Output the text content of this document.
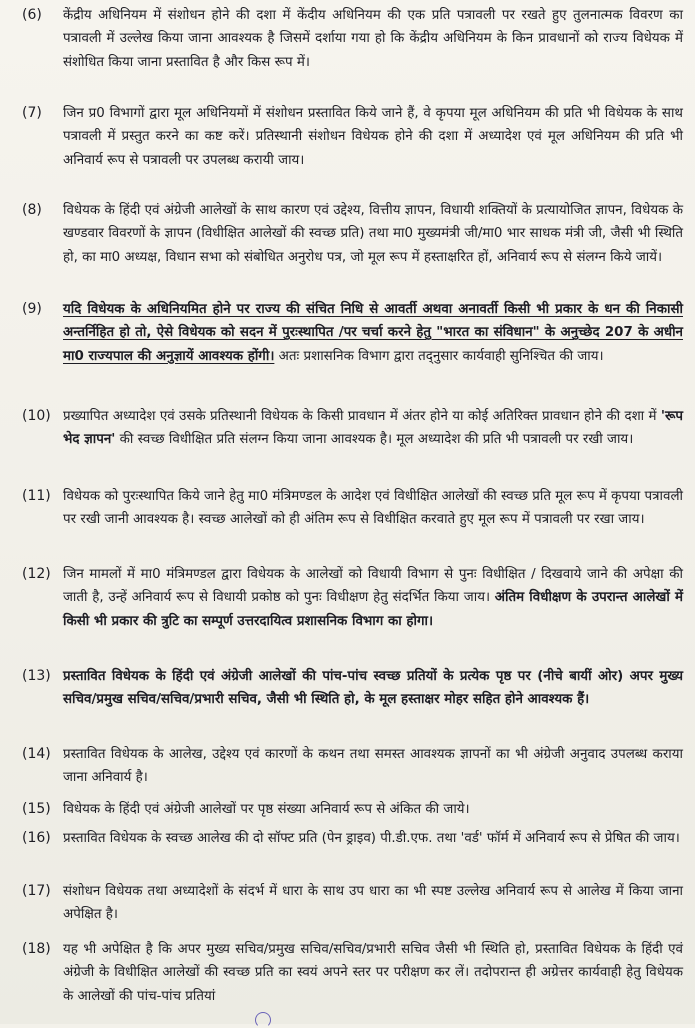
(6) केंद्रीय अधिनियम में संशोधन होने की दशा में केंदीय अधिनियम की एक प्रति पत्रावली पर रखते हुए तुलनात्मक विवरण का पत्रावली में उल्लेख किया जाना आवश्यक है जिसमें दर्शाया गया हो कि केंद्रीय अधिनियम के किन प्रावधानों को राज्य विधेयक में संशोधित किया जाना प्रस्तावित है और किस रूप में।
(7) जिन प्र0 विभागों द्वारा मूल अधिनियमों में संशोधन प्रस्तावित किये जाने हैं, वे कृपया मूल अधिनियम की प्रति भी विधेयक के साथ पत्रावली में प्रस्तुत करने का कष्ट करें। प्रतिस्थानी संशोधन विधेयक होने की दशा में अध्यादेश एवं मूल अधिनियम की प्रति भी अनिवार्य रूप से पत्रावली पर उपलब्ध करायी जाय।
(8) विधेयक के हिंदी एवं अंग्रेजी आलेखों के साथ कारण एवं उद्देश्य, वित्तीय ज्ञापन, विधायी शक्तियों के प्रत्यायोजित ज्ञापन, विधेयक के खण्डवार विवरणों के ज्ञापन (विधीक्षित आलेखों की स्वच्छ प्रति) तथा मा0 मुख्यमंत्री जी/मा0 भार साधक मंत्री जी, जैसी भी स्थिति हो, का मा0 अध्यक्ष, विधान सभा को संबोधित अनुरोध पत्र, जो मूल रूप में हस्ताक्षरित हों, अनिवार्य रूप से संलग्न किये जायें।
(9) यदि विधेयक के अधिनियमित होने पर राज्य की संचित निधि से आवर्ती अथवा अनावर्ती किसी भी प्रकार के धन की निकासी अन्तर्निहित हो तो, ऐसे विधेयक को सदन में पुरःस्थापित /पर चर्चा करने हेतु "भारत का संविधान" के अनुच्छेद 207 के अधीन मा0 राज्यपाल की अनुज्ञायें आवश्यक होंगी। अतः प्रशासनिक विभाग द्वारा तद्नुसार कार्यवाही सुनिश्चित की जाय।
(10) प्रख्यापित अध्यादेश एवं उसके प्रतिस्थानी विधेयक के किसी प्रावधान में अंतर होने या कोई अतिरिक्त प्रावधान होने की दशा में 'रूप भेद ज्ञापन' की स्वच्छ विधीक्षित प्रति संलग्न किया जाना आवश्यक है। मूल अध्यादेश की प्रति भी पत्रावली पर रखी जाय।
(11) विधेयक को पुरःस्थापित किये जाने हेतु मा0 मंत्रिमण्डल के आदेश एवं विधीक्षित आलेखों की स्वच्छ प्रति मूल रूप में कृपया पत्रावली पर रखी जानी आवश्यक है। स्वच्छ आलेखों को ही अंतिम रूप से विधीक्षित करवाते हुए मूल रूप में पत्रावली पर रखा जाय।
(12) जिन मामलों में मा0 मंत्रिमण्डल द्वारा विधेयक के आलेखों को विधायी विभाग से पुनः विधीक्षित / दिखवाये जाने की अपेक्षा की जाती है, उन्हें अनिवार्य रूप से विधायी प्रकोष्ठ को पुनः विधीक्षण हेतु संदर्भित किया जाय। अंतिम विधीक्षण के उपरान्त आलेखों में किसी भी प्रकार की त्रुटि का सम्पूर्ण उत्तरदायित्व प्रशासनिक विभाग का होगा।
(13) प्रस्तावित विधेयक के हिंदी एवं अंग्रेजी आलेखों की पांच-पांच स्वच्छ प्रतियों के प्रत्येक पृष्ठ पर (नीचे बायीं ओर) अपर मुख्य सचिव/प्रमुख सचिव/सचिव/प्रभारी सचिव, जैसी भी स्थिति हो, के मूल हस्ताक्षर मोहर सहित होने आवश्यक हैं।
(14) प्रस्तावित विधेयक के आलेख, उद्देश्य एवं कारणों के कथन तथा समस्त आवश्यक ज्ञापनों का भी अंग्रेजी अनुवाद उपलब्ध कराया जाना अनिवार्य है।
(15) विधेयक के हिंदी एवं अंग्रेजी आलेखों पर पृष्ठ संख्या अनिवार्य रूप से अंकित की जाये।
(16) प्रस्तावित विधेयक के स्वच्छ आलेख की दो सॉफ्ट प्रति (पेन ड्राइव) पी.डी.एफ. तथा 'वर्ड' फॉर्म में अनिवार्य रूप से प्रेषित की जाय।
(17) संशोधन विधेयक तथा अध्यादेशों के संदर्भ में धारा के साथ उप धारा का भी स्पष्ट उल्लेख अनिवार्य रूप से आलेख में किया जाना अपेक्षित है।
(18) यह भी अपेक्षित है कि अपर मुख्य सचिव/प्रमुख सचिव/सचिव/प्रभारी सचिव जैसी भी स्थिति हो, प्रस्तावित विधेयक के हिंदी एवं अंग्रेजी के विधीक्षित आलेखों की स्वच्छ प्रति का स्वयं अपने स्तर पर परीक्षण कर लें। तदोपरान्त ही अग्रेत्तर कार्यवाही हेतु विधेयक के आलेखों की पांच-पांच प्रतियां
